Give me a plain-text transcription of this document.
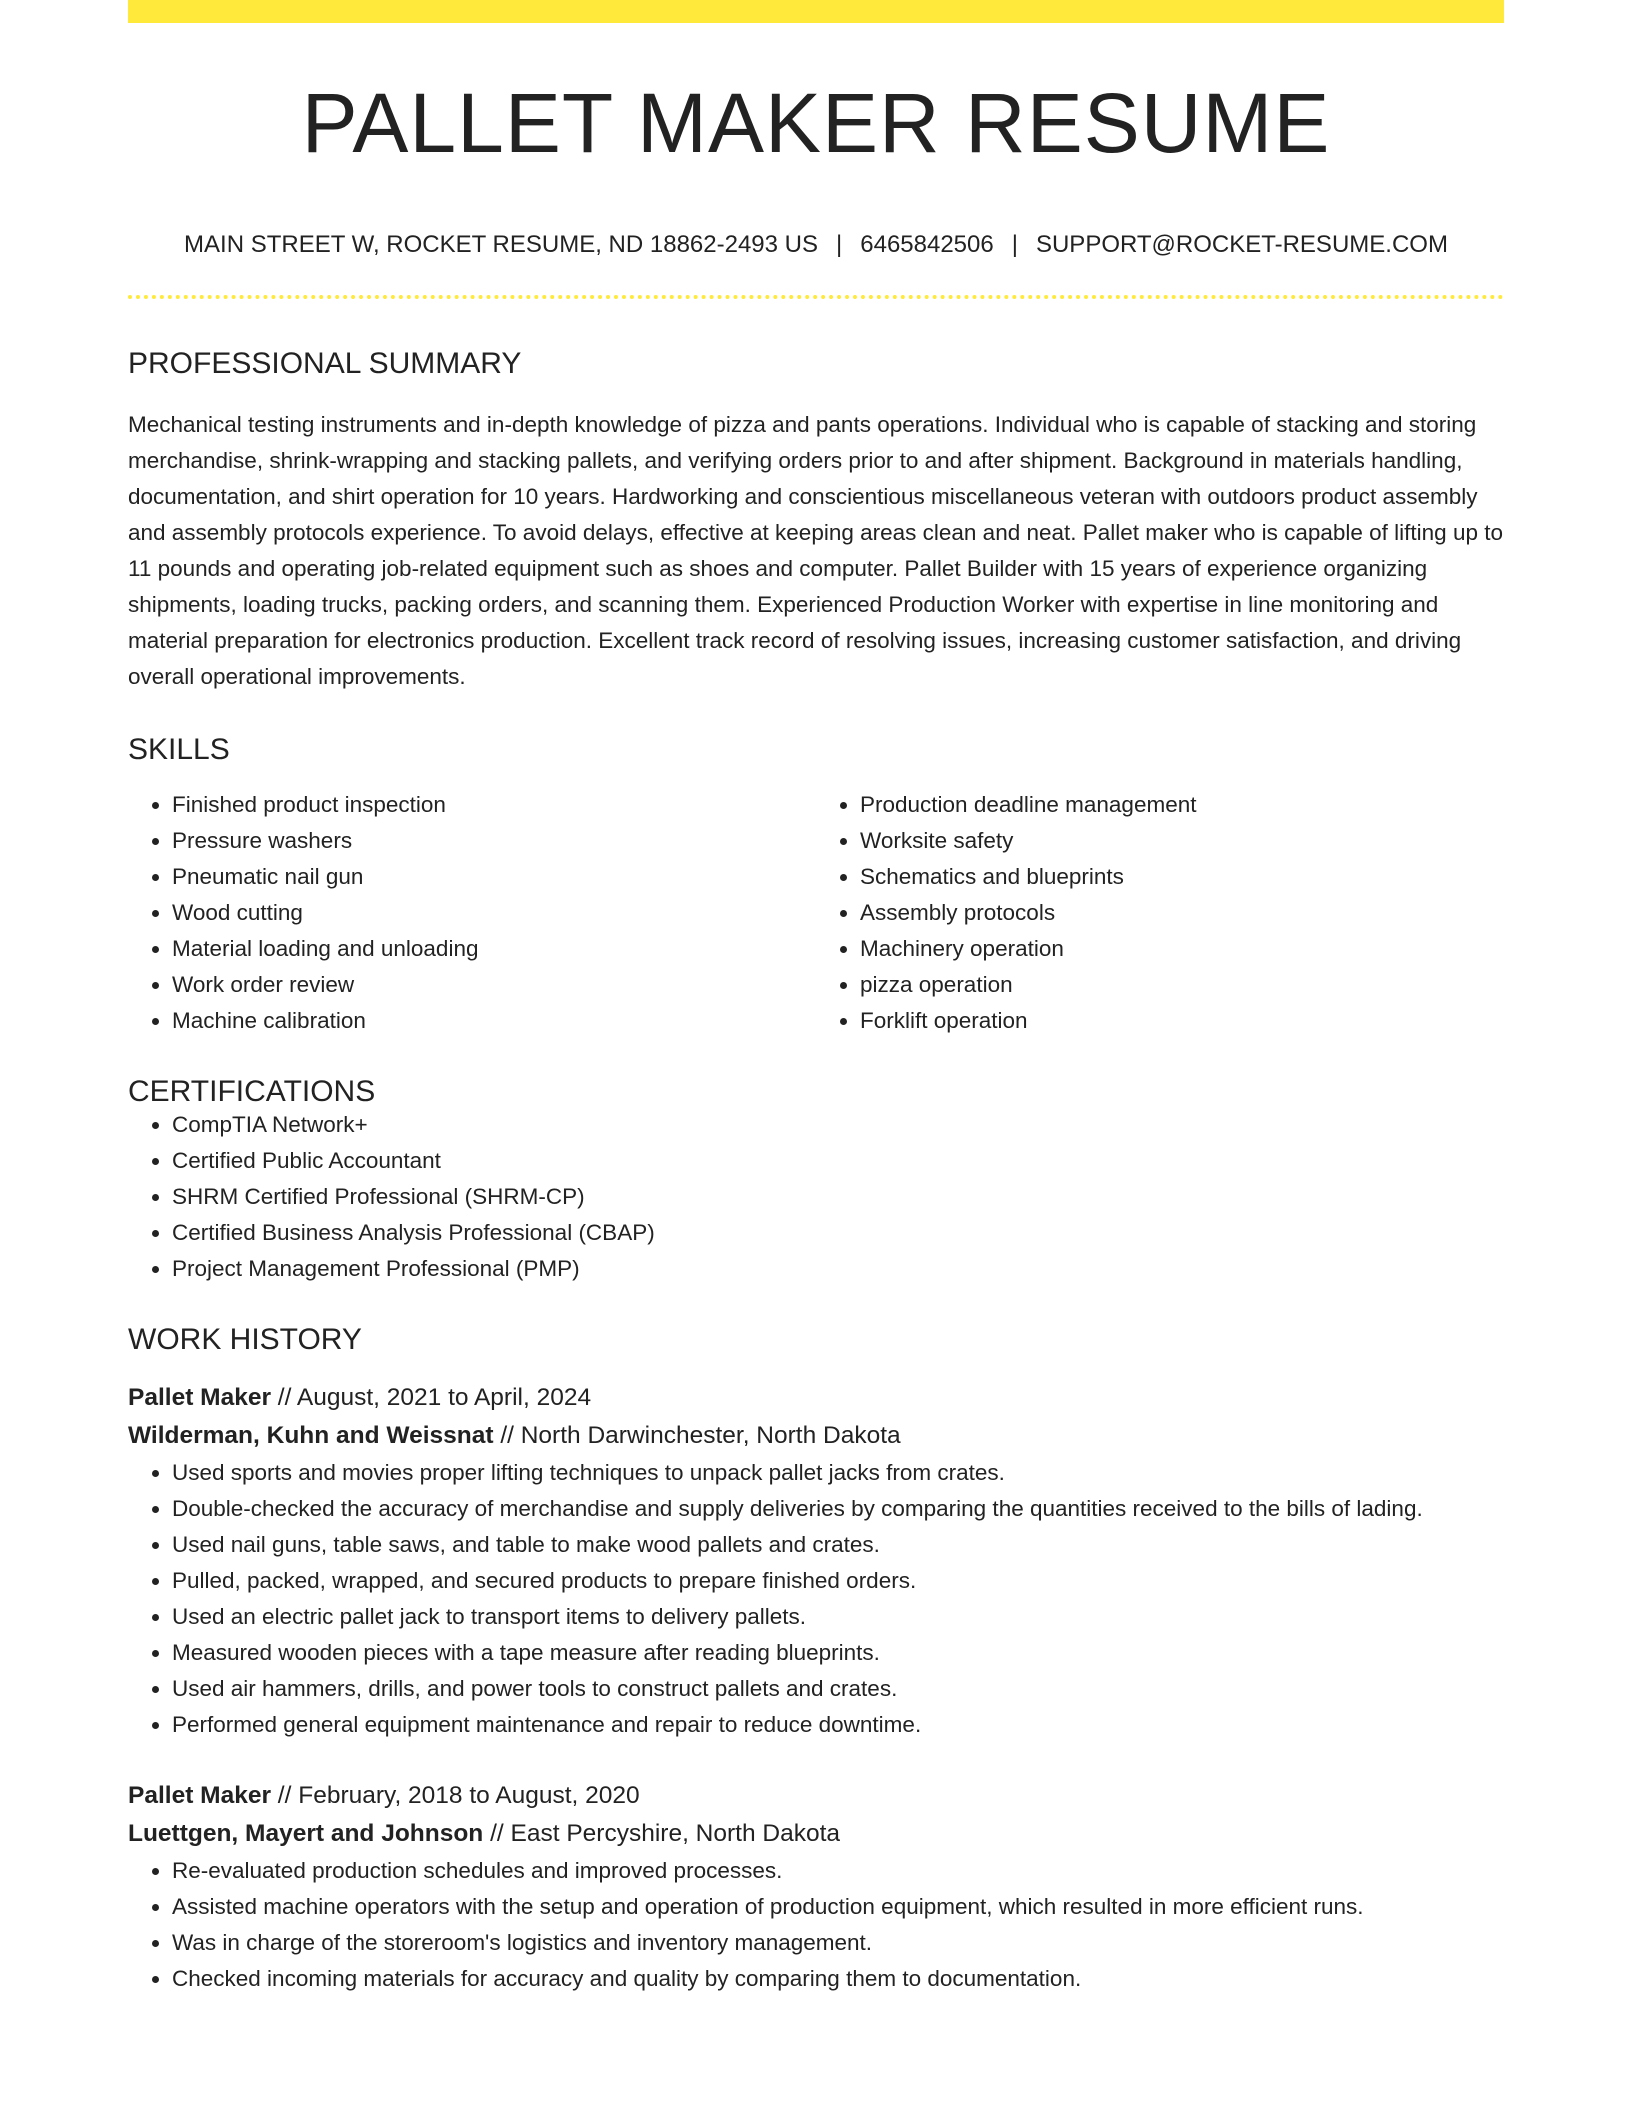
PALLET MAKER RESUME
MAIN STREET W, ROCKET RESUME, ND 18862-2493 US | 6465842506 | SUPPORT@ROCKET-RESUME.COM
PROFESSIONAL SUMMARY

Mechanical testing instruments and in-depth knowledge of pizza and pants operations. Individual who is capable of stacking and storing merchandise, shrink-wrapping and stacking pallets, and verifying orders prior to and after shipment. Background in materials handling, documentation, and shirt operation for 10 years. Hardworking and conscientious miscellaneous veteran with outdoors product assembly and assembly protocols experience. To avoid delays, effective at keeping areas clean and neat. Pallet maker who is capable of lifting up to 11 pounds and operating job-related equipment such as shoes and computer. Pallet Builder with 15 years of experience organizing shipments, loading trucks, packing orders, and scanning them. Experienced Production Worker with expertise in line monitoring and material preparation for electronics production. Excellent track record of resolving issues, increasing customer satisfaction, and driving overall operational improvements.

SKILLS
• Finished product inspection
• Pressure washers
• Pneumatic nail gun
• Wood cutting
• Material loading and unloading
• Work order review
• Machine calibration
• Production deadline management
• Worksite safety
• Schematics and blueprints
• Assembly protocols
• Machinery operation
• pizza operation
• Forklift operation
CERTIFICATIONS
• CompTIA Network+
• Certified Public Accountant
• SHRM Certified Professional (SHRM-CP)
• Certified Business Analysis Professional (CBAP)
• Project Management Professional (PMP)
WORK HISTORY
Pallet Maker // August, 2021 to April, 2024
Wilderman, Kuhn and Weissnat // North Darwinchester, North Dakota
• Used sports and movies proper lifting techniques to unpack pallet jacks from crates.
• Double-checked the accuracy of merchandise and supply deliveries by comparing the quantities received to the bills of lading.
• Used nail guns, table saws, and table to make wood pallets and crates.
• Pulled, packed, wrapped, and secured products to prepare finished orders.
• Used an electric pallet jack to transport items to delivery pallets.
• Measured wooden pieces with a tape measure after reading blueprints.
• Used air hammers, drills, and power tools to construct pallets and crates.
• Performed general equipment maintenance and repair to reduce downtime.
Pallet Maker // February, 2018 to August, 2020
Luettgen, Mayert and Johnson // East Percyshire, North Dakota
• Re-evaluated production schedules and improved processes.
• Assisted machine operators with the setup and operation of production equipment, which resulted in more efficient runs.
• Was in charge of the storeroom's logistics and inventory management.
• Checked incoming materials for accuracy and quality by comparing them to documentation.
